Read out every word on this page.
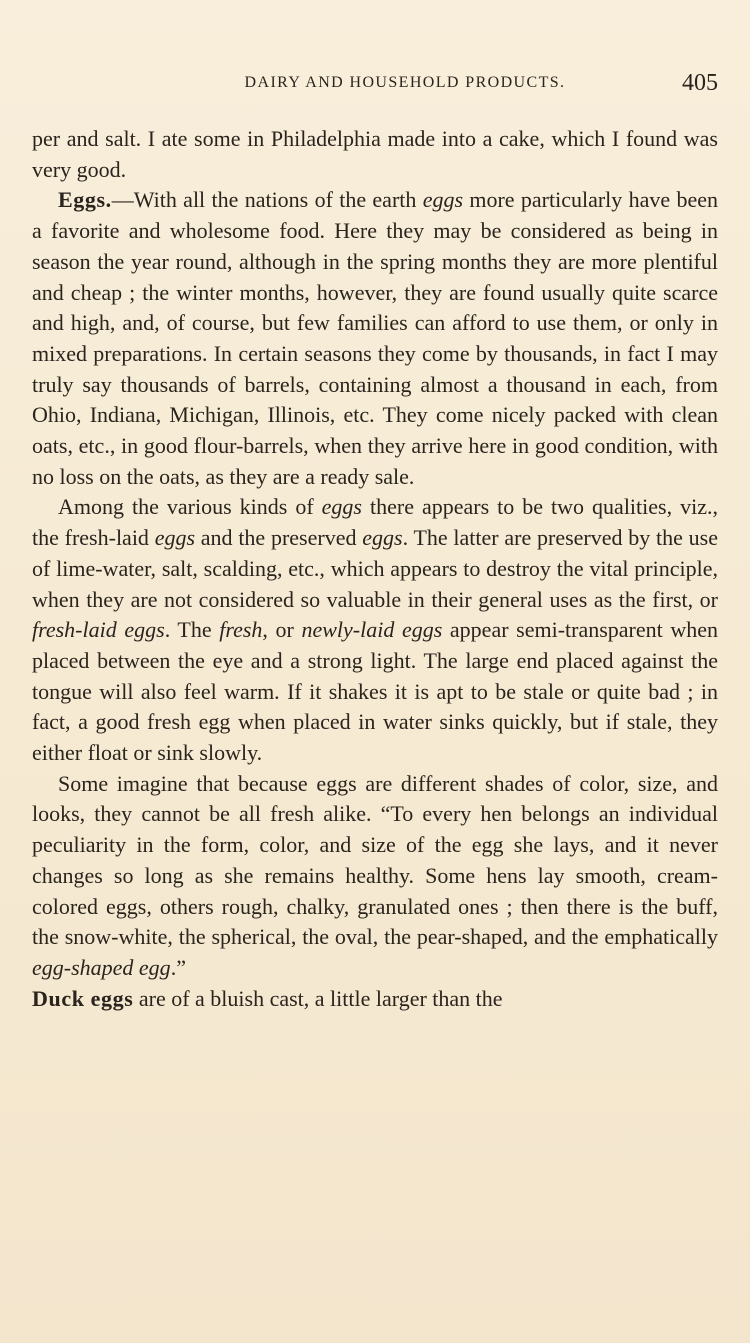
DAIRY AND HOUSEHOLD PRODUCTS.	405

per and salt. I ate some in Philadelphia made into a cake, which I found was very good.

Eggs.—With all the nations of the earth eggs more particularly have been a favorite and wholesome food. Here they may be considered as being in season the year round, although in the spring months they are more plentiful and cheap ; the winter months, however, they are found usually quite scarce and high, and, of course, but few families can afford to use them, or only in mixed preparations. In certain seasons they come by thousands, in fact I may truly say thousands of barrels, containing almost a thousand in each, from Ohio, Indiana, Michigan, Illinois, etc. They come nicely packed with clean oats, etc., in good flour-barrels, when they arrive here in good condition, with no loss on the oats, as they are a ready sale.

Among the various kinds of eggs there appears to be two qualities, viz., the fresh-laid eggs and the preserved eggs. The latter are preserved by the use of lime-water, salt, scalding, etc., which appears to destroy the vital principle, when they are not considered so valuable in their general uses as the first, or fresh-laid eggs. The fresh, or newly-laid eggs appear semi-transparent when placed between the eye and a strong light. The large end placed against the tongue will also feel warm. If it shakes it is apt to be stale or quite bad ; in fact, a good fresh egg when placed in water sinks quickly, but if stale, they either float or sink slowly.

Some imagine that because eggs are different shades of color, size, and looks, they cannot be all fresh alike. “To every hen belongs an individual peculiarity in the form, color, and size of the egg she lays, and it never changes so long as she remains healthy. Some hens lay smooth, cream-colored eggs, others rough, chalky, granulated ones ; then there is the buff, the snow-white, the spherical, the oval, the pear-shaped, and the emphatically egg-shaped egg.”

Duck eggs are of a bluish cast, a little larger than the
